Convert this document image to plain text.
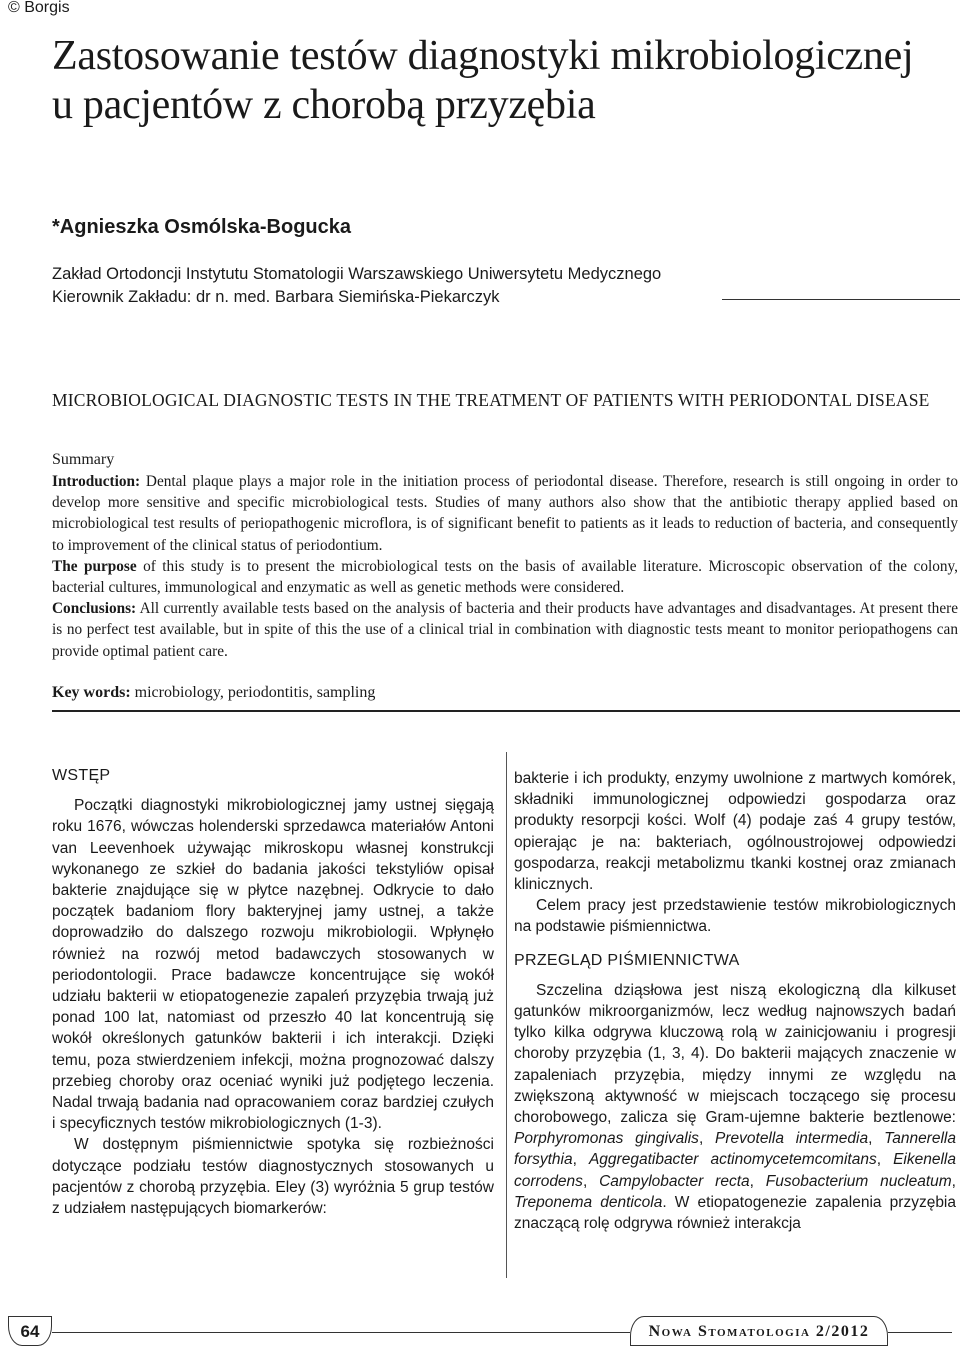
© Borgis
Zastosowanie testów diagnostyki mikrobiologicznej u pacjentów z chorobą przyzębia
*Agnieszka Osmólska-Bogucka
Zakład Ortodoncji Instytutu Stomatologii Warszawskiego Uniwersytetu Medycznego
Kierownik Zakładu: dr n. med. Barbara Siemińska-Piekarczyk
MICROBIOLOGICAL DIAGNOSTIC TESTS IN THE TREATMENT OF PATIENTS WITH PERIODONTAL DISEASE
Summary

Introduction: Dental plaque plays a major role in the initiation process of periodontal disease. Therefore, research is still ongoing in order to develop more sensitive and specific microbiological tests. Studies of many authors also show that the antibiotic therapy applied based on microbiological test results of periopathogenic microflora, is of significant benefit to patients as it leads to reduction of bacteria, and consequently to improvement of the clinical status of periodontium.

The purpose of this study is to present the microbiological tests on the basis of available literature. Microscopic observation of the colony, bacterial cultures, immunological and enzymatic as well as genetic methods were considered.

Conclusions: All currently available tests based on the analysis of bacteria and their products have advantages and disadvantages. At present there is no perfect test available, but in spite of this the use of a clinical trial in combination with diagnostic tests meant to monitor periopathogens can provide optimal patient care.

Key words: microbiology, periodontitis, sampling
WSTĘP

Początki diagnostyki mikrobiologicznej jamy ustnej sięgają roku 1676, wówczas holenderski sprzedawca materiałów Antoni van Leevenhoek używając mikroskopu własnej konstrukcji wykonanego ze szkieł do badania jakości tekstyliów opisał bakterie znajdujące się w płytce nazębnej. Odkrycie to dało początek badaniom flory bakteryjnej jamy ustnej, a także doprowadziło do dalszego rozwoju mikrobiologii. Wpłynęło również na rozwój metod badawczych stosowanych w periodontologii. Prace badawcze koncentrujące się wokół udziału bakterii w etiopatogenezie zapaleń przyzębia trwają już ponad 100 lat, natomiast od przeszło 40 lat koncentrują się wokół określonych gatunków bakterii i ich interakcji. Dzięki temu, poza stwierdzeniem infekcji, można prognozować dalszy przebieg choroby oraz oceniać wyniki już podjętego leczenia. Nadal trwają badania nad opracowaniem coraz bardziej czułych i specyficznych testów mikrobiologicznych (1-3).

W dostępnym piśmiennictwie spotyka się rozbieżności dotyczące podziału testów diagnostycznych stosowanych u pacjentów z chorobą przyzębia. Eley (3) wyróżnia 5 grup testów z udziałem następujących biomarkerów:

bakterie i ich produkty, enzymy uwolnione z martwych komórek, składniki immunologicznej odpowiedzi gospodarza oraz produkty resorpcji kości. Wolf (4) podaje zaś 4 grupy testów, opierając je na: bakteriach, ogólnoustrojowej odpowiedzi gospodarza, reakcji metabolizmu tkanki kostnej oraz zmianach klinicznych.

Celem pracy jest przedstawienie testów mikrobiologicznych na podstawie piśmiennictwa.

PRZEGLĄD PIŚMIENNICTWA

Szczelina dziąsłowa jest niszą ekologiczną dla kilkuset gatunków mikroorganizmów, lecz według najnowszych badań tylko kilka odgrywa kluczową rolą w zainicjowaniu i progresji choroby przyzębia (1, 3, 4). Do bakterii mających znaczenie w zapaleniach przyzębia, między innymi ze względu na zwiększoną aktywność w miejscach toczącego się procesu chorobowego, zalicza się Gram-ujemne bakterie beztlenowe: Porphyromonas gingivalis, Prevotella intermedia, Tannerella forsythia, Aggregatibacter actinomycetemcomitans, Eikenella corrodens, Campylobacter recta, Fusobacterium nucleatum, Treponema denticola. W etiopatogenezie zapalenia przyzębia znaczącą rolę odgrywa również interakcja

64	Nowa Stomatologia 2/2012
